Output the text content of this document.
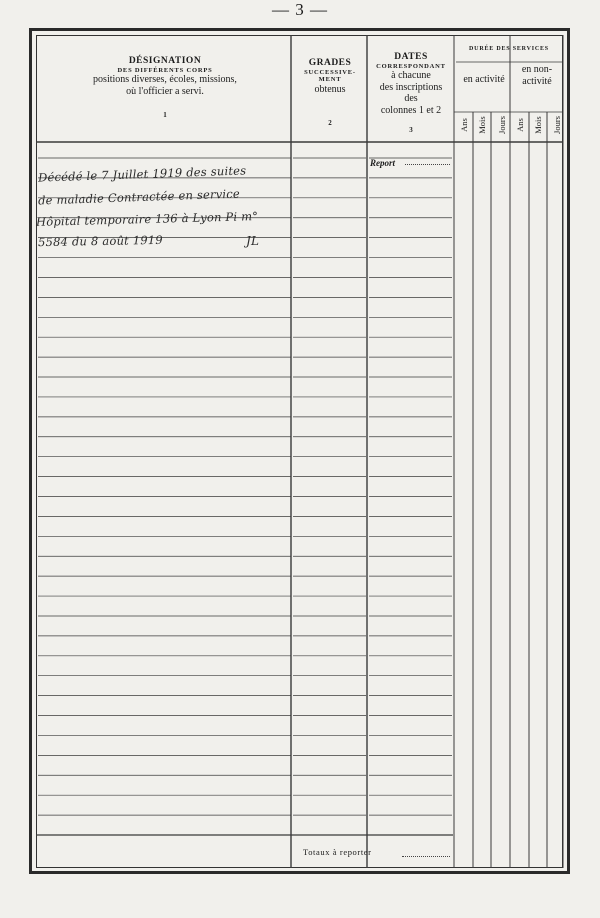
— 3 —
DÉSIGNATION
DES DIFFÉRENTS CORPS
positions diverses, écoles, missions,
où l'officier a servi.
1
GRADES
SUCCESSIVE-
MENT
obtenus
2
DATES
CORRESPONDANT
à chacune
des inscriptions
des
colonnes 1 et 2
3
DURÉE DES SERVICES
en activité
en non-activité
Ans Mois Jours Ans Mois Jours
Report
Décédé le 7 Juillet 1919 des suites
de maladie Contractée en service
Hôpital temporaire 136 à Lyon Pi m°
5584 du 8 août 1919	JL
Totaux à reporter
